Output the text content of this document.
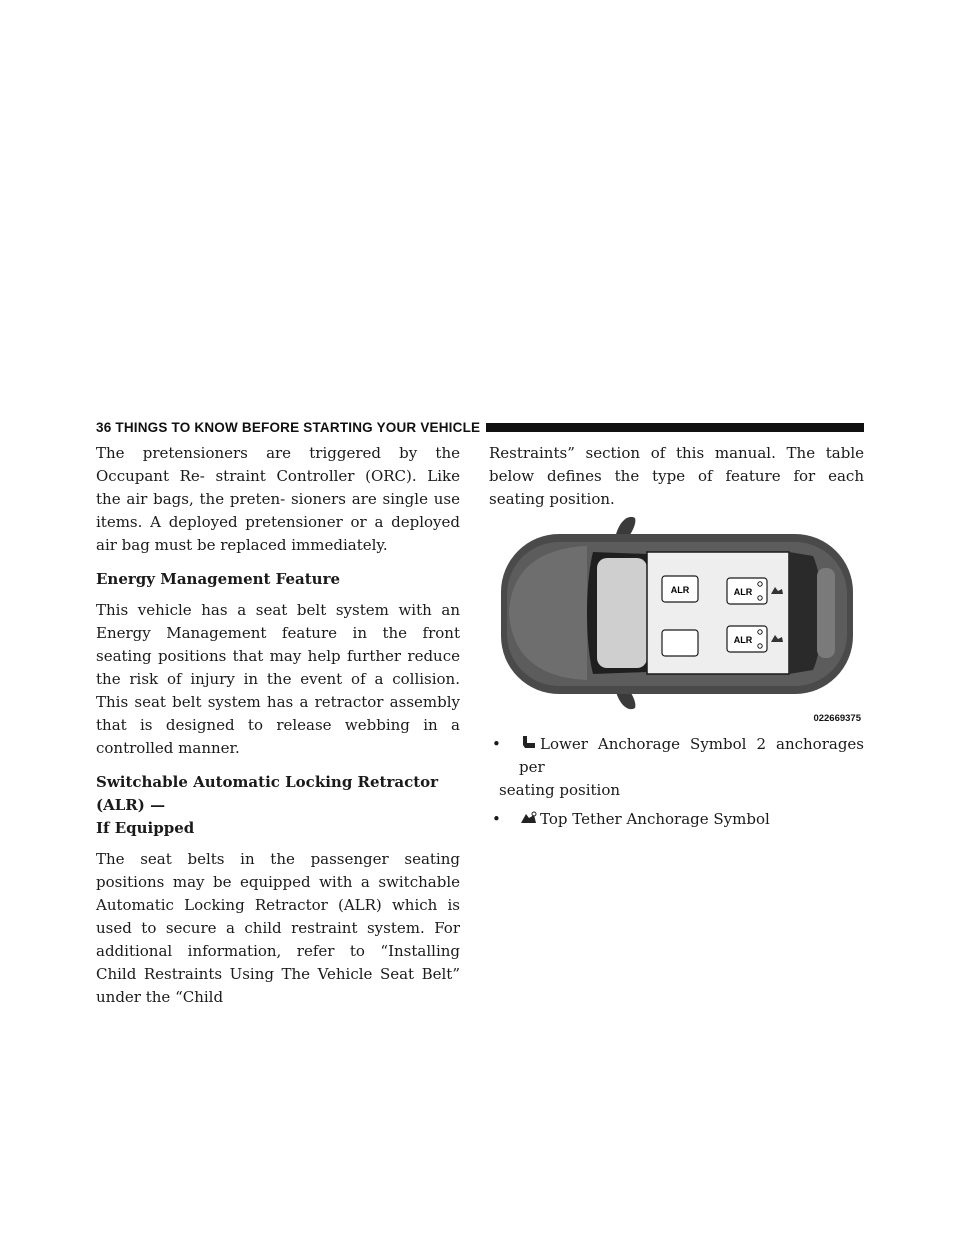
36 THINGS TO KNOW BEFORE STARTING YOUR VEHICLE

The pretensioners are triggered by the Occupant Re- straint Controller (ORC). Like the air bags, the preten- sioners are single use items. A deployed pretensioner or a deployed air bag must be replaced immediately.

Energy Management Feature

This vehicle has a seat belt system with an Energy Management feature in the front seating positions that may help further reduce the risk of injury in the event of a collision. This seat belt system has a retractor assembly that is designed to release webbing in a controlled manner.

Switchable Automatic Locking Retractor (ALR) —
If Equipped

The seat belts in the passenger seating positions may be equipped with a switchable Automatic Locking Retractor (ALR) which is used to secure a child restraint system. For additional information, refer to “Installing Child Restraints Using The Vehicle Seat Belt” under the “Child

Restraints” section of this manual. The table below defines the type of feature for each seating position.

ALR	ALR
ALR
022669375
•	Lower Anchorage Symbol 2 anchorages per
seating position
•	Top Tether Anchorage Symbol
